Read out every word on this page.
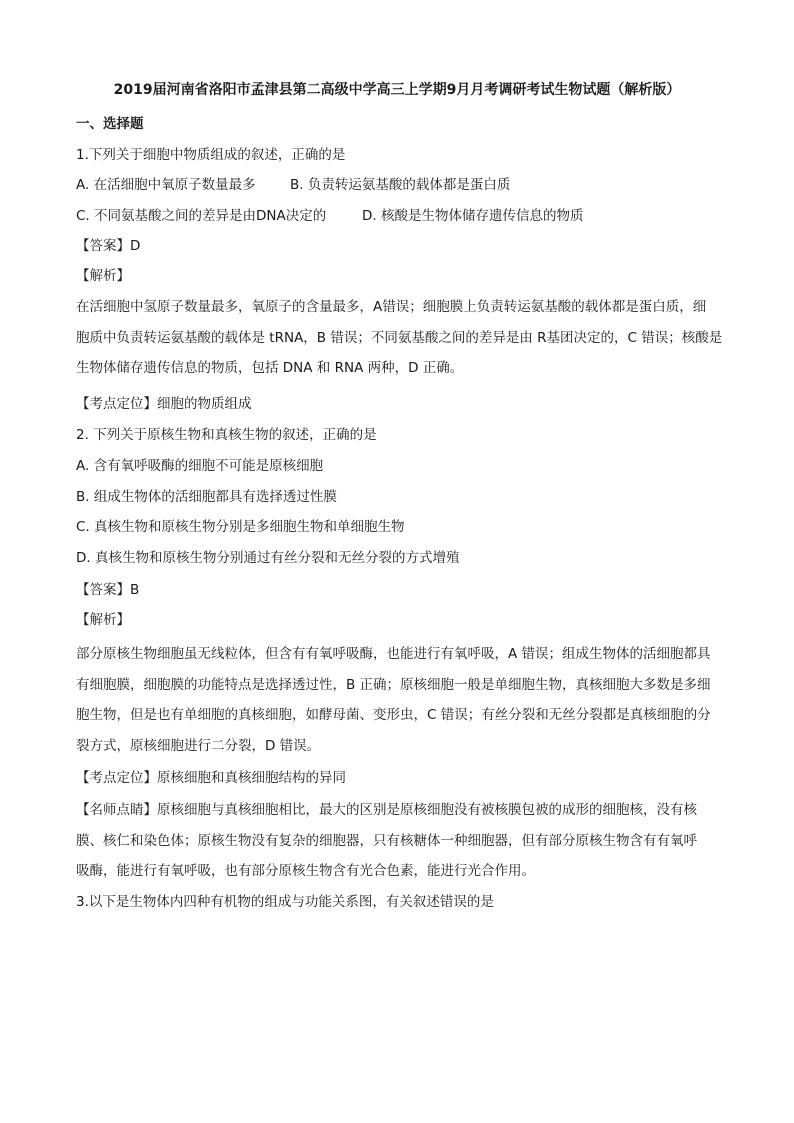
2019届河南省洛阳市孟津县第二高级中学高三上学期9月月考调研考试生物试题（解析版）
一、选择题
1.下列关于细胞中物质组成的叙述，正确的是
A. 在活细胞中氧原子数量最多	B. 负责转运氨基酸的载体都是蛋白质
C. 不同氨基酸之间的差异是由DNA决定的	D. 核酸是生物体储存遗传信息的物质
【答案】D
【解析】
在活细胞中氢原子数量最多，氧原子的含量最多，A错误；细胞膜上负责转运氨基酸的载体都是蛋白质，细
胞质中负责转运氨基酸的载体是 tRNA，B 错误；不同氨基酸之间的差异是由 R基团决定的，C 错误；核酸是
生物体储存遗传信息的物质，包括 DNA 和 RNA 两种，D 正确。
【考点定位】细胞的物质组成
2. 下列关于原核生物和真核生物的叙述，正确的是
A. 含有氧呼吸酶的细胞不可能是原核细胞
B. 组成生物体的活细胞都具有选择透过性膜
C. 真核生物和原核生物分别是多细胞生物和单细胞生物
D. 真核生物和原核生物分别通过有丝分裂和无丝分裂的方式增殖
【答案】B
【解析】
部分原核生物细胞虽无线粒体，但含有有氧呼吸酶，也能进行有氧呼吸，A 错误；组成生物体的活细胞都具
有细胞膜，细胞膜的功能特点是选择透过性，B 正确；原核细胞一般是单细胞生物，真核细胞大多数是多细
胞生物，但是也有单细胞的真核细胞，如酵母菌、变形虫，C 错误；有丝分裂和无丝分裂都是真核细胞的分
裂方式，原核细胞进行二分裂，D 错误。
【考点定位】原核细胞和真核细胞结构的异同
【名师点睛】原核细胞与真核细胞相比，最大的区别是原核细胞没有被核膜包被的成形的细胞核，没有核
膜、核仁和染色体；原核生物没有复杂的细胞器，只有核糖体一种细胞器，但有部分原核生物含有有氧呼
吸酶，能进行有氧呼吸，也有部分原核生物含有光合色素，能进行光合作用。
3.以下是生物体内四种有机物的组成与功能关系图，有关叙述错误的是
